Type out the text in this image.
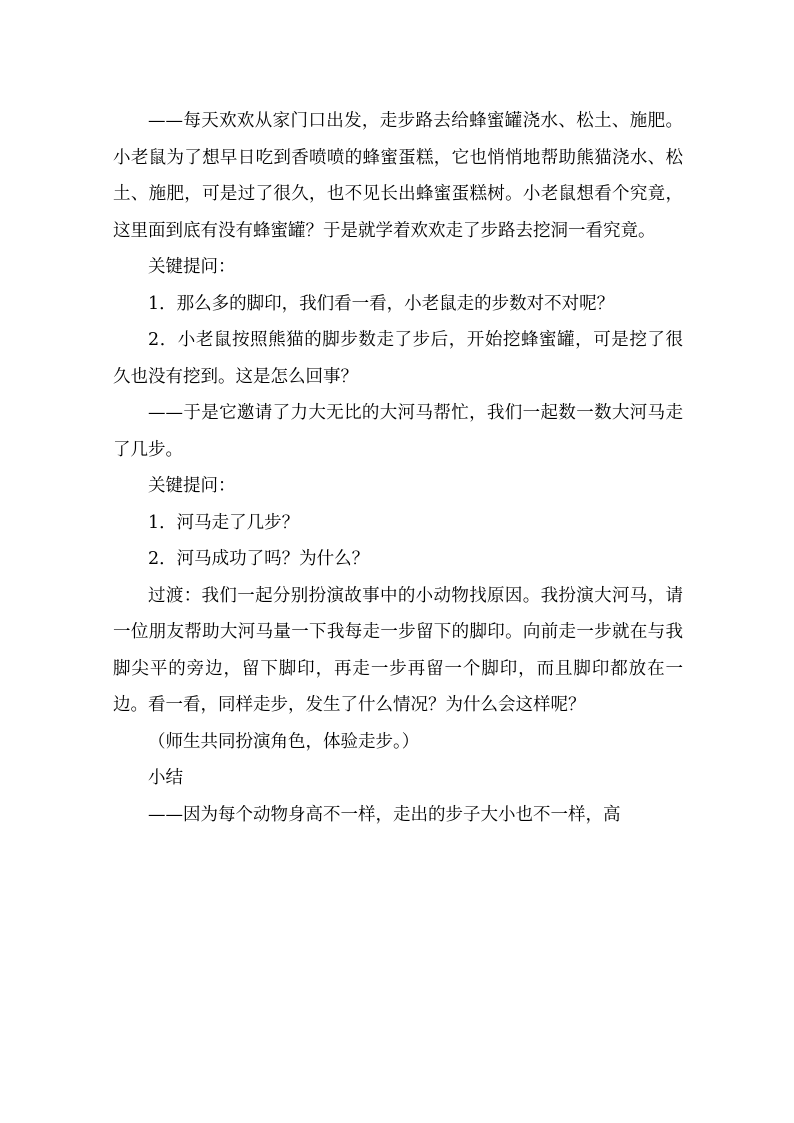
——每天欢欢从家门口出发，走步路去给蜂蜜罐浇水、松土、施肥。小老鼠为了想早日吃到香喷喷的蜂蜜蛋糕，它也悄悄地帮助熊猫浇水、松土、施肥，可是过了很久，也不见长出蜂蜜蛋糕树。小老鼠想看个究竟，这里面到底有没有蜂蜜罐？于是就学着欢欢走了步路去挖洞一看究竟。

关键提问：

1．那么多的脚印，我们看一看，小老鼠走的步数对不对呢？

2．小老鼠按照熊猫的脚步数走了步后，开始挖蜂蜜罐，可是挖了很久也没有挖到。这是怎么回事？

——于是它邀请了力大无比的大河马帮忙，我们一起数一数大河马走了几步。

关键提问：

1．河马走了几步？

2．河马成功了吗？为什么？

过渡：我们一起分别扮演故事中的小动物找原因。我扮演大河马，请一位朋友帮助大河马量一下我每走一步留下的脚印。向前走一步就在与我脚尖平的旁边，留下脚印，再走一步再留一个脚印，而且脚印都放在一边。看一看，同样走步，发生了什么情况？为什么会这样呢？

（师生共同扮演角色，体验走步。）

小结

——因为每个动物身高不一样，走出的步子大小也不一样，高
